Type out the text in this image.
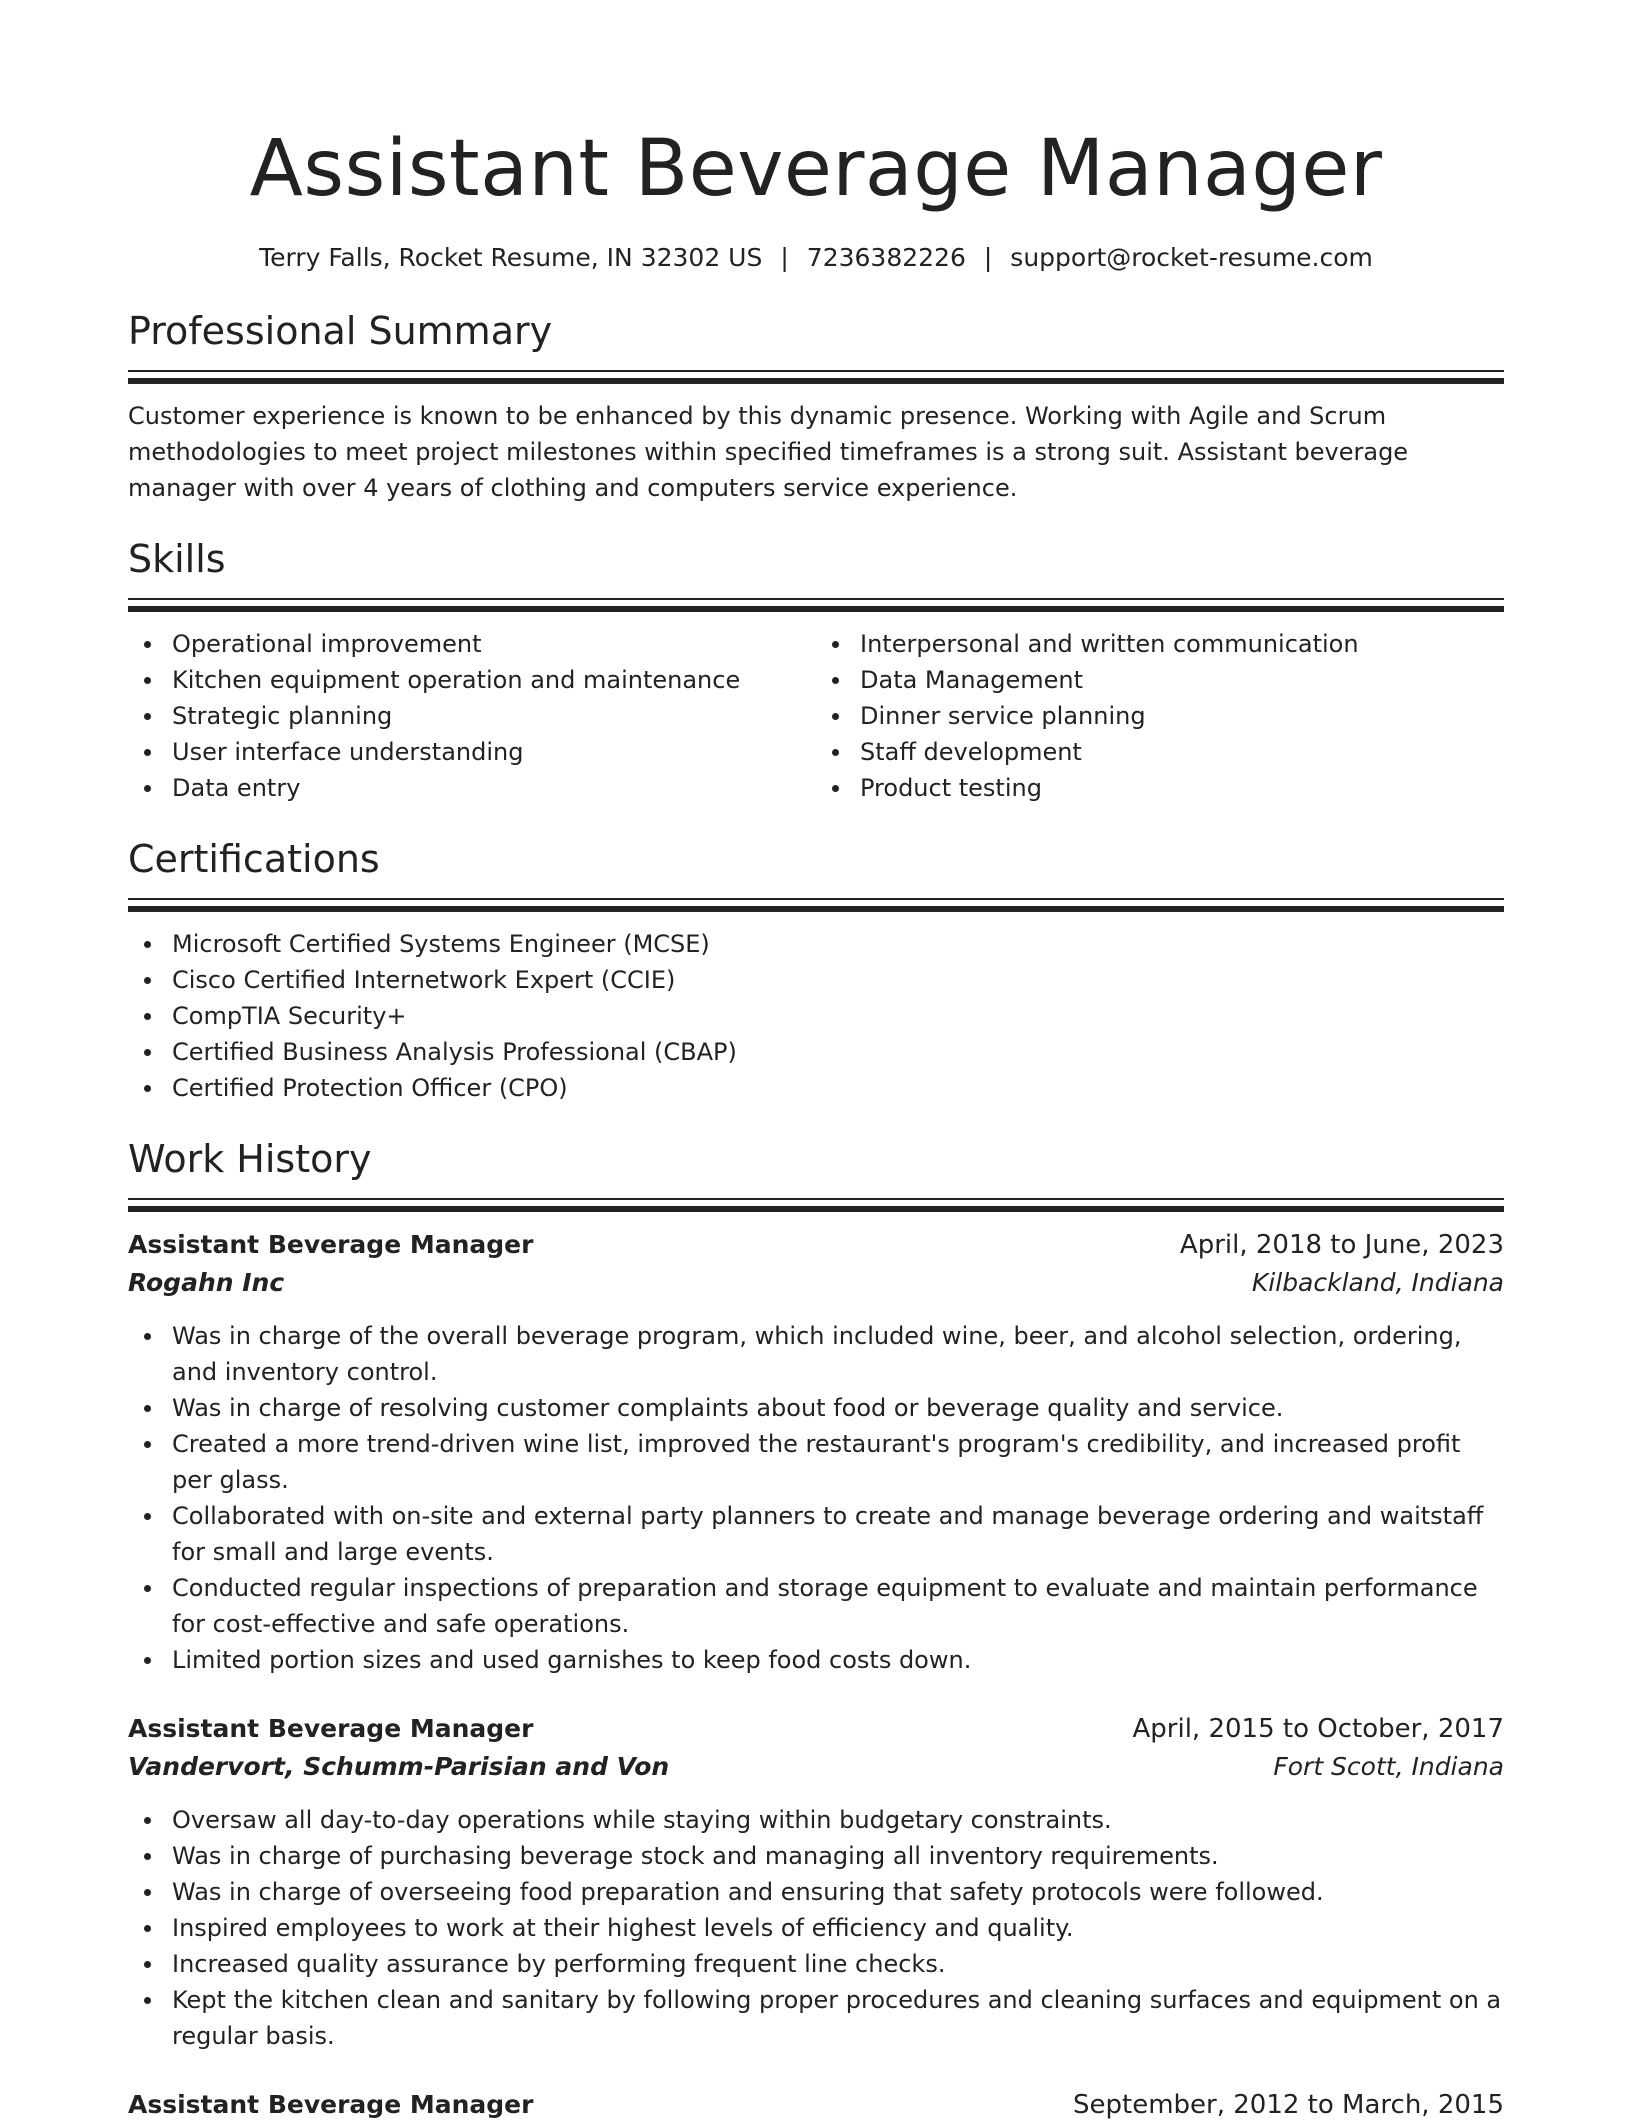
Assistant Beverage Manager
Terry Falls, Rocket Resume, IN 32302 US | 7236382226 | support@rocket-resume.com
Professional Summary
Customer experience is known to be enhanced by this dynamic presence. Working with Agile and Scrum methodologies to meet project milestones within specified timeframes is a strong suit. Assistant beverage manager with over 4 years of clothing and computers service experience.
Skills
Operational improvement
Kitchen equipment operation and maintenance
Strategic planning
User interface understanding
Data entry
Interpersonal and written communication
Data Management
Dinner service planning
Staff development
Product testing
Certifications
Microsoft Certified Systems Engineer (MCSE)
Cisco Certified Internetwork Expert (CCIE)
CompTIA Security+
Certified Business Analysis Professional (CBAP)
Certified Protection Officer (CPO)
Work History
Assistant Beverage Manager	April, 2018 to June, 2023
Rogahn Inc	Kilbackland, Indiana
Was in charge of the overall beverage program, which included wine, beer, and alcohol selection, ordering, and inventory control.
Was in charge of resolving customer complaints about food or beverage quality and service.
Created a more trend-driven wine list, improved the restaurant's program's credibility, and increased profit per glass.
Collaborated with on-site and external party planners to create and manage beverage ordering and waitstaff for small and large events.
Conducted regular inspections of preparation and storage equipment to evaluate and maintain performance for cost-effective and safe operations.
Limited portion sizes and used garnishes to keep food costs down.
Assistant Beverage Manager	April, 2015 to October, 2017
Vandervort, Schumm-Parisian and Von	Fort Scott, Indiana
Oversaw all day-to-day operations while staying within budgetary constraints.
Was in charge of purchasing beverage stock and managing all inventory requirements.
Was in charge of overseeing food preparation and ensuring that safety protocols were followed.
Inspired employees to work at their highest levels of efficiency and quality.
Increased quality assurance by performing frequent line checks.
Kept the kitchen clean and sanitary by following proper procedures and cleaning surfaces and equipment on a regular basis.
Assistant Beverage Manager	September, 2012 to March, 2015
